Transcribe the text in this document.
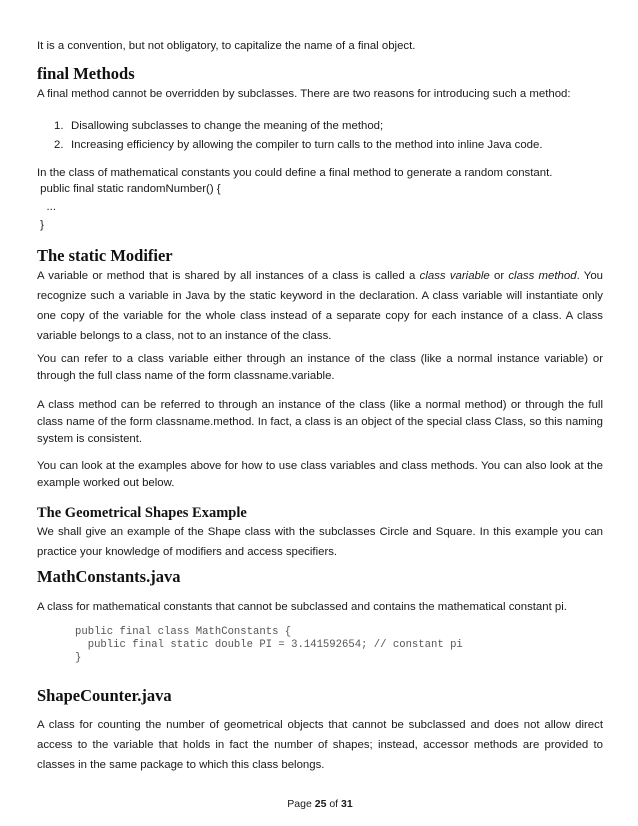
It is a convention, but not obligatory, to capitalize the name of a final object.

final Methods

A final method cannot be overridden by subclasses. There are two reasons for introducing such a method:

1. Disallowing subclasses to change the meaning of the method;
2. Increasing efficiency by allowing the compiler to turn calls to the method into inline Java code.

In the class of mathematical constants you could define a final method to generate a random constant.

public final static randomNumber() {
...
}
The static Modifier

A variable or method that is shared by all instances of a class is called a class variable or class method. You recognize such a variable in Java by the static keyword in the declaration. A class variable will instantiate only one copy of the variable for the whole class instead of a separate copy for each instance of a class. A class variable belongs to a class, not to an instance of the class.

You can refer to a class variable either through an instance of the class (like a normal instance variable) or through the full class name of the form classname.variable.

A class method can be referred to through an instance of the class (like a normal method) or through the full class name of the form classname.method. In fact, a class is an object of the special class Class, so this naming system is consistent.

You can look at the examples above for how to use class variables and class methods. You can also look at the example worked out below.

The Geometrical Shapes Example

We shall give an example of the Shape class with the subclasses Circle and Square. In this example you can practice your knowledge of modifiers and access specifiers.

MathConstants.java

A class for mathematical constants that cannot be subclassed and contains the mathematical constant pi.

public final class MathConstants {
public final static double PI = 3.141592654; // constant pi
}
ShapeCounter.java

A class for counting the number of geometrical objects that cannot be subclassed and does not allow direct access to the variable that holds in fact the number of shapes; instead, accessor methods are provided to classes in the same package to which this class belongs.

Page 25 of 31
